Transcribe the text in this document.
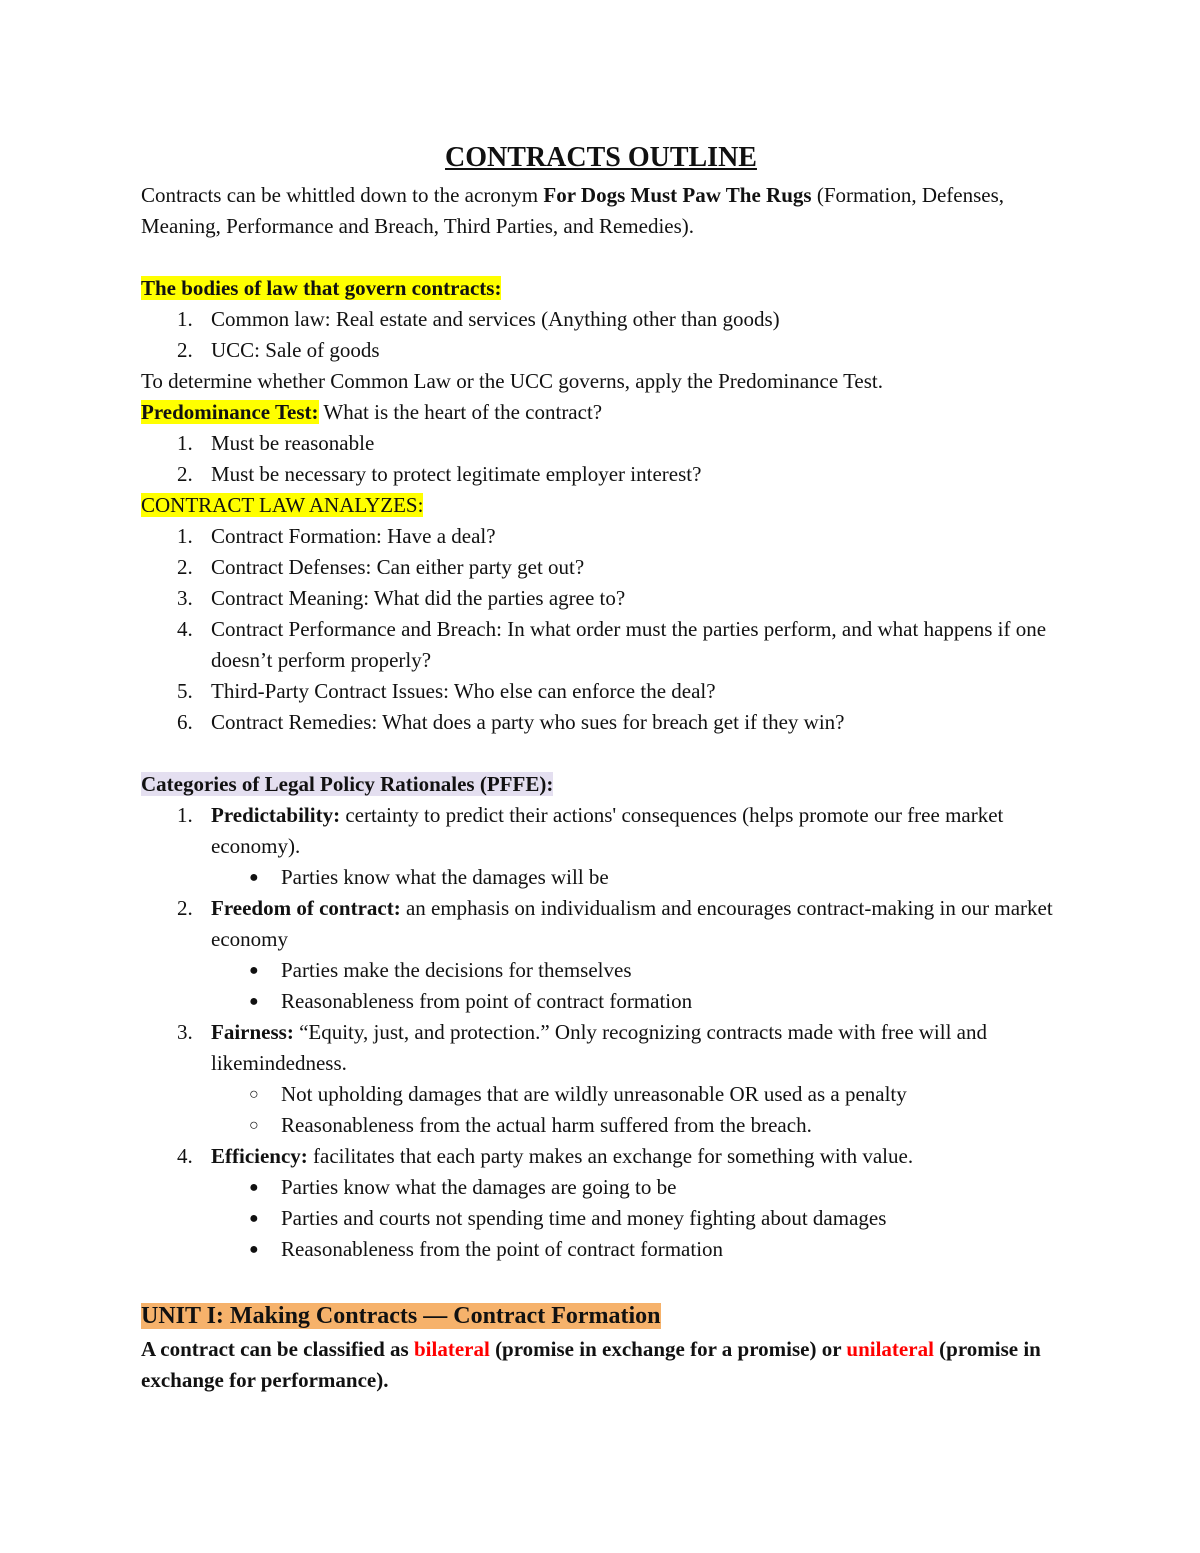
CONTRACTS OUTLINE

Contracts can be whittled down to the acronym For Dogs Must Paw The Rugs (Formation, Defenses, Meaning, Performance and Breach, Third Parties, and Remedies).

The bodies of law that govern contracts:

1. Common law: Real estate and services (Anything other than goods)
2. UCC: Sale of goods

To determine whether Common Law or the UCC governs, apply the Predominance Test.

Predominance Test: What is the heart of the contract?

1. Must be reasonable
2. Must be necessary to protect legitimate employer interest?

CONTRACT LAW ANALYZES:

1. Contract Formation: Have a deal?
2. Contract Defenses: Can either party get out?
3. Contract Meaning: What did the parties agree to?
4. Contract Performance and Breach: In what order must the parties perform, and what happens if one doesn’t perform properly?
5. Third-Party Contract Issues: Who else can enforce the deal?
6. Contract Remedies: What does a party who sues for breach get if they win?

Categories of Legal Policy Rationales (PFFE):

1. Predictability: certainty to predict their actions' consequences (helps promote our free market economy).
● Parties know what the damages will be
2. Freedom of contract: an emphasis on individualism and encourages contract-making in our market economy
● Parties make the decisions for themselves
● Reasonableness from point of contract formation
3. Fairness: “Equity, just, and protection.” Only recognizing contracts made with free will and likemindedness.
○ Not upholding damages that are wildly unreasonable OR used as a penalty
○ Reasonableness from the actual harm suffered from the breach.
4. Efficiency: facilitates that each party makes an exchange for something with value.
● Parties know what the damages are going to be
● Parties and courts not spending time and money fighting about damages
● Reasonableness from the point of contract formation

UNIT I: Making Contracts — Contract Formation

A contract can be classified as bilateral (promise in exchange for a promise) or unilateral (promise in exchange for performance).
